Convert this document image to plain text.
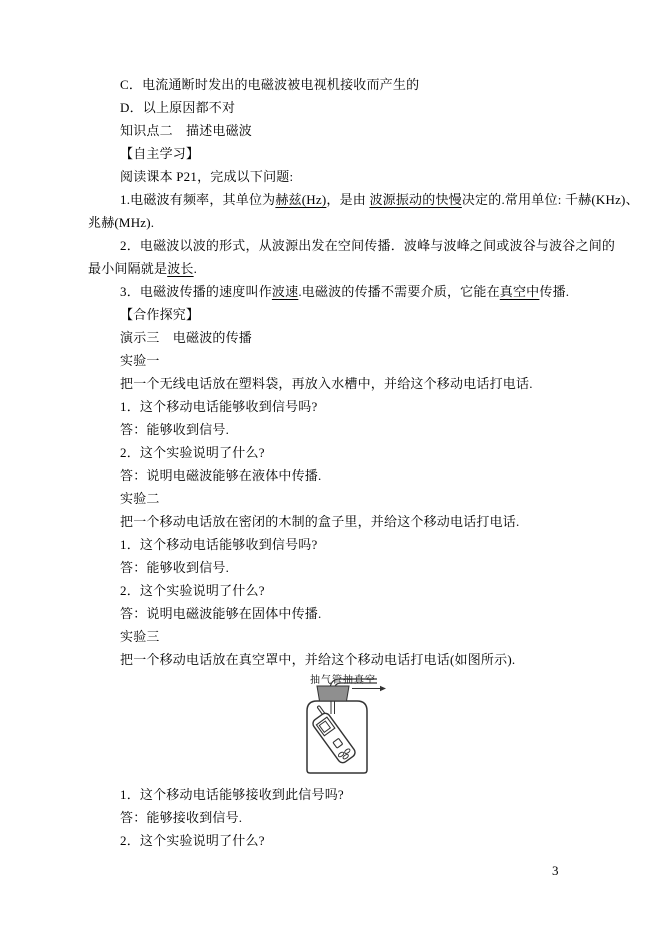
C．电流通断时发出的电磁波被电视机接收而产生的
D．以上原因都不对
知识点二　描述电磁波
【自主学习】
阅读课本 P21，完成以下问题:
1.电磁波有频率，其单位为赫兹(Hz)，是由 波源振动的快慢决定的.常用单位: 千赫(KHz)、
兆赫(MHz).
2．电磁波以波的形式，从波源出发在空间传播．波峰与波峰之间或波谷与波谷之间的
最小间隔就是波长.
3．电磁波传播的速度叫作波速.电磁波的传播不需要介质，它能在真空中传播.
【合作探究】
演示三　电磁波的传播
实验一
把一个无线电话放在塑料袋，再放入水槽中，并给这个移动电话打电话.
1．这个移动电话能够收到信号吗?
答：能够收到信号.
2．这个实验说明了什么?
答：说明电磁波能够在液体中传播.
实验二
把一个移动电话放在密闭的木制的盒子里，并给这个移动电话打电话.
1．这个移动电话能够收到信号吗?
答：能够收到信号.
2．这个实验说明了什么?
答：说明电磁波能够在固体中传播.
实验三
把一个移动电话放在真空罩中，并给这个移动电话打电话(如图所示).
抽气管抽真空
1．这个移动电话能够接收到此信号吗?
答：能够接收到信号.
2．这个实验说明了什么?
3
